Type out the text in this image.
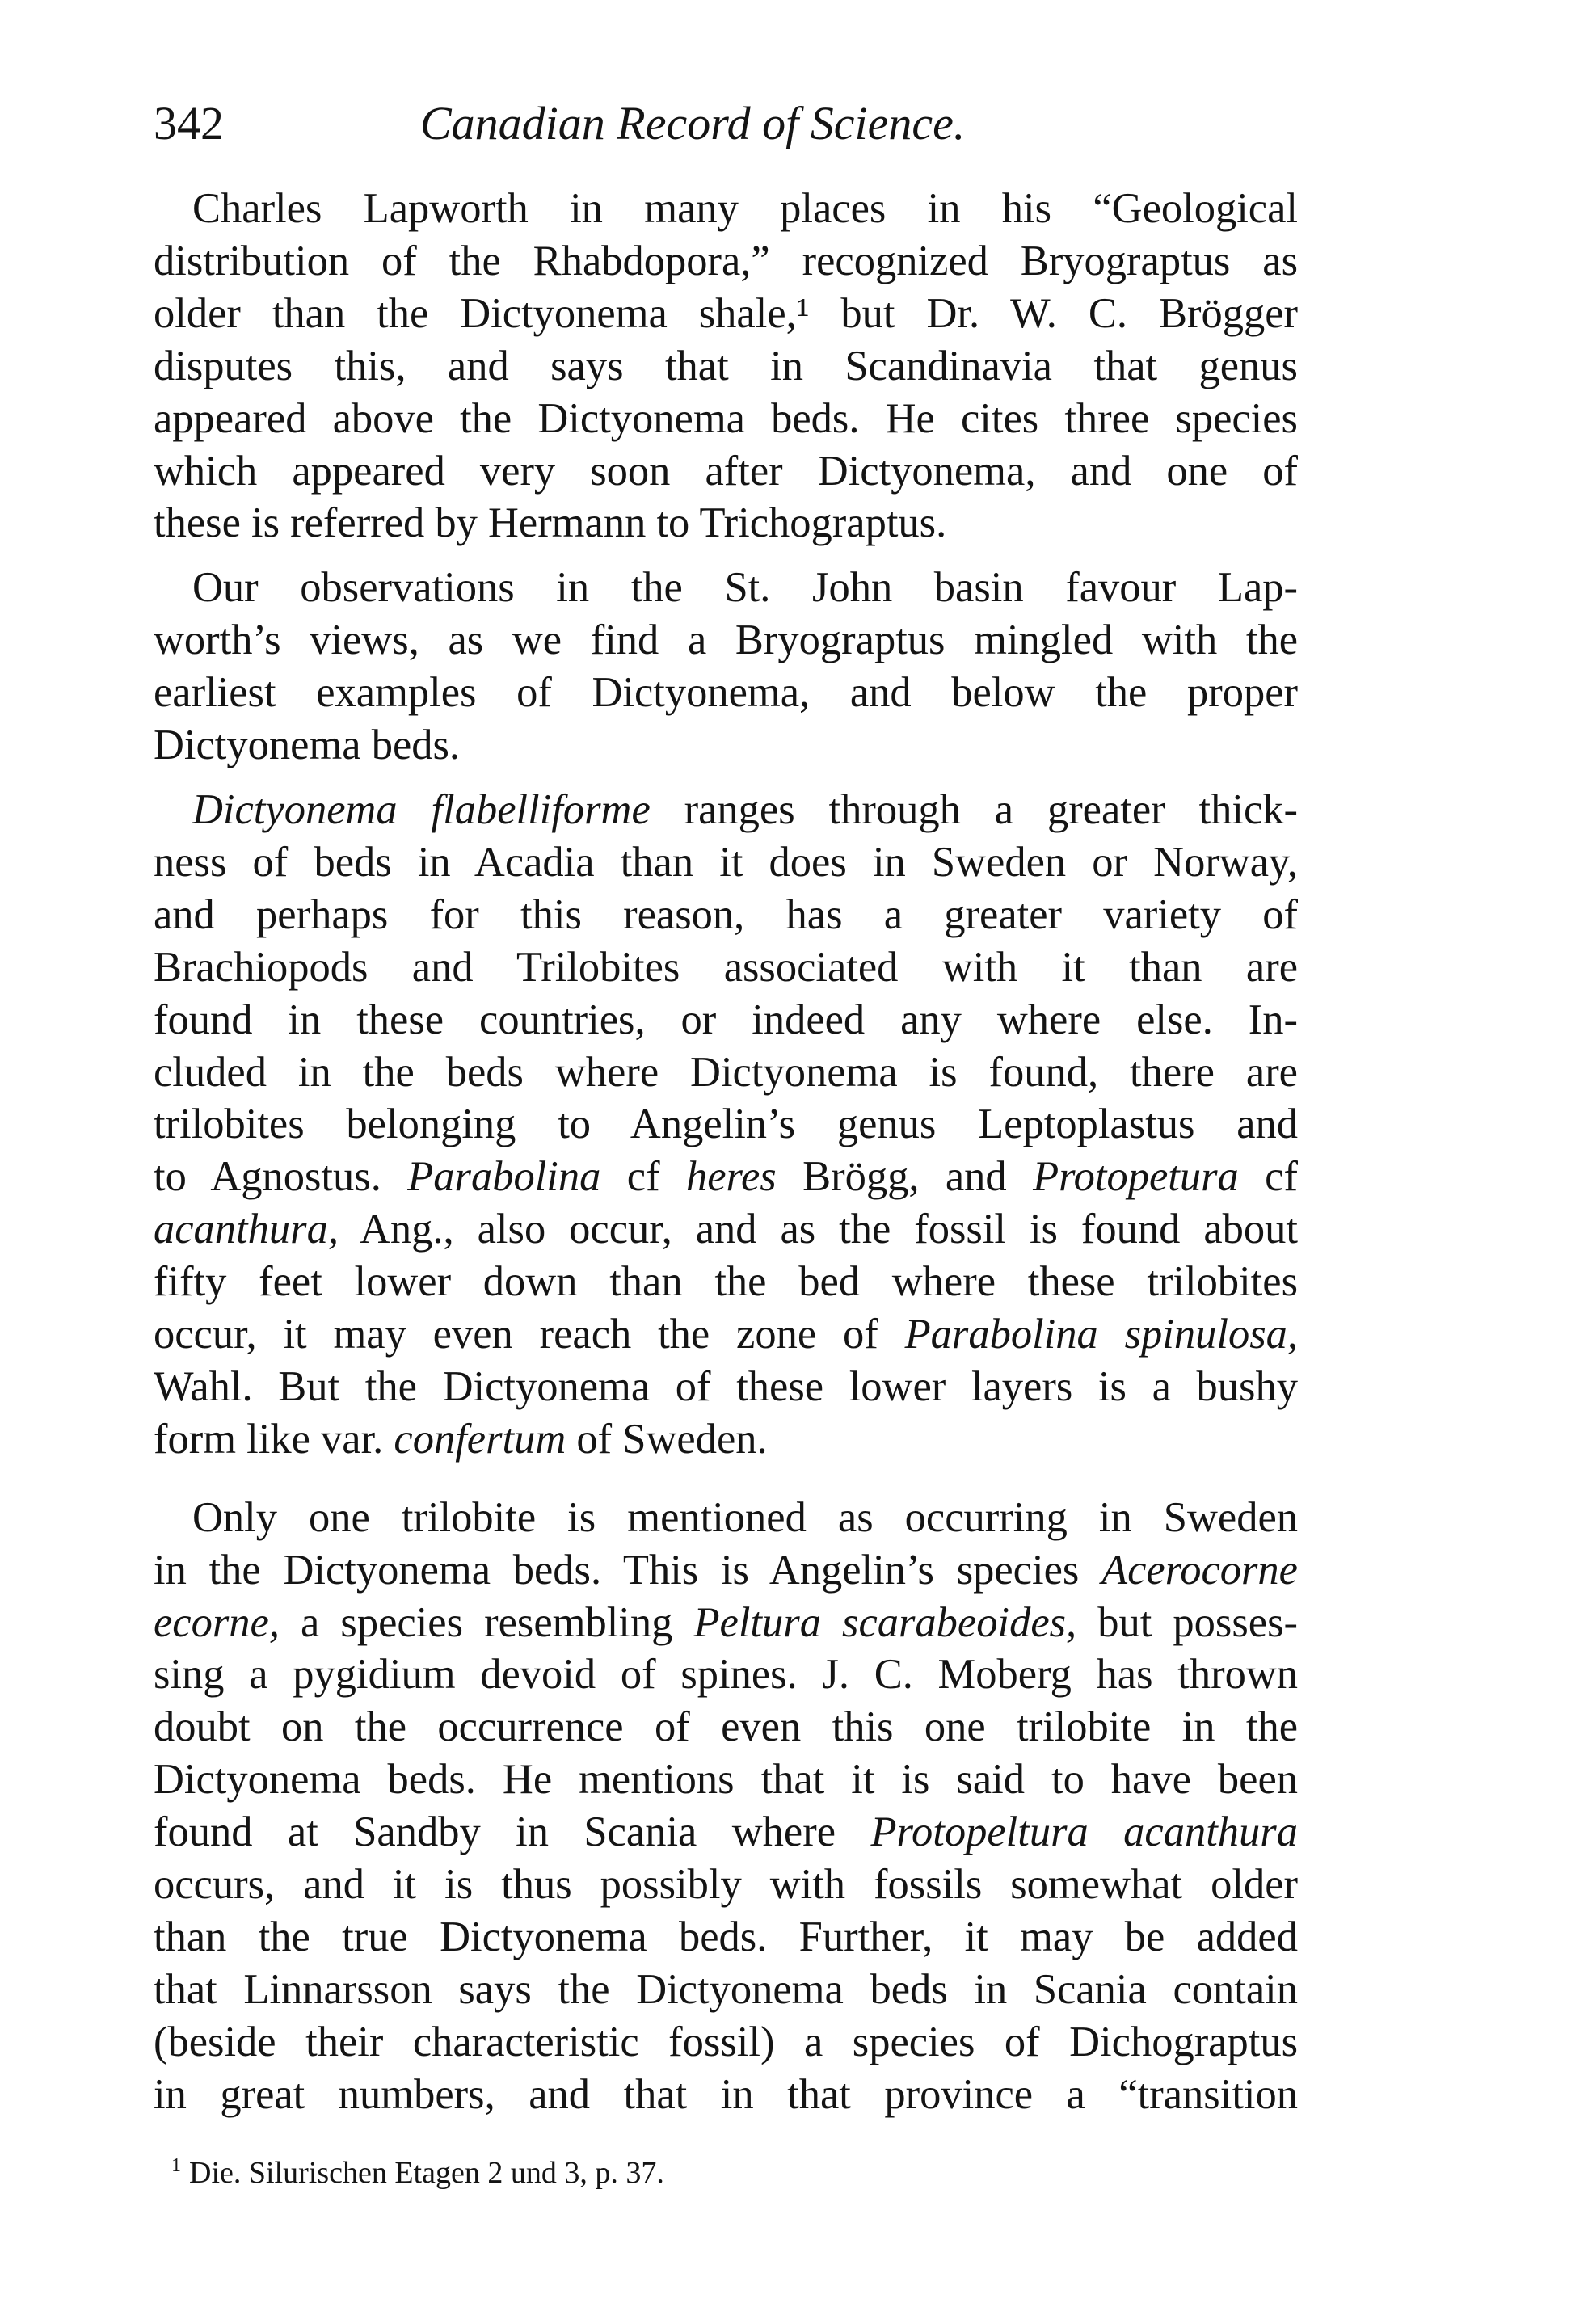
342	Canadian Record of Science.
Charles Lapworth in many places in his “Geological
distribution of the Rhabdopora,” recognized Bryograptus as
older than the Dictyonema shale,¹ but Dr. W. C. Brögger
disputes this, and says that in Scandinavia that genus
appeared above the Dictyonema beds. He cites three species
which appeared very soon after Dictyonema, and one of
these is referred by Hermann to Trichograptus.
Our observations in the St. John basin favour Lap-
worth’s views, as we find a Bryograptus mingled with the
earliest examples of Dictyonema, and below the proper
Dictyonema beds.
Dictyonema flabelliforme ranges through a greater thick-
ness of beds in Acadia than it does in Sweden or Norway,
and perhaps for this reason, has a greater variety of
Brachiopods and Trilobites associated with it than are
found in these countries, or indeed any where else. In-
cluded in the beds where Dictyonema is found, there are
trilobites belonging to Angelin’s genus Leptoplastus and
to Agnostus. Parabolina cf heres Brögg, and Protopetura cf
acanthura, Ang., also occur, and as the fossil is found about
fifty feet lower down than the bed where these trilobites
occur, it may even reach the zone of Parabolina spinulosa,
Wahl. But the Dictyonema of these lower layers is a bushy
form like var. confertum of Sweden.
Only one trilobite is mentioned as occurring in Sweden
in the Dictyonema beds. This is Angelin’s species Acerocorne
ecorne, a species resembling Peltura scarabeoides, but posses-
sing a pygidium devoid of spines. J. C. Moberg has thrown
doubt on the occurrence of even this one trilobite in the
Dictyonema beds. He mentions that it is said to have been
found at Sandby in Scania where Protopeltura acanthura
occurs, and it is thus possibly with fossils somewhat older
than the true Dictyonema beds. Further, it may be added
that Linnarsson says the Dictyonema beds in Scania contain
(beside their characteristic fossil) a species of Dichograptus
in great numbers, and that in that province a “transition
$^1$ Die. Silurischen Etagen 2 und 3, p. 37.
